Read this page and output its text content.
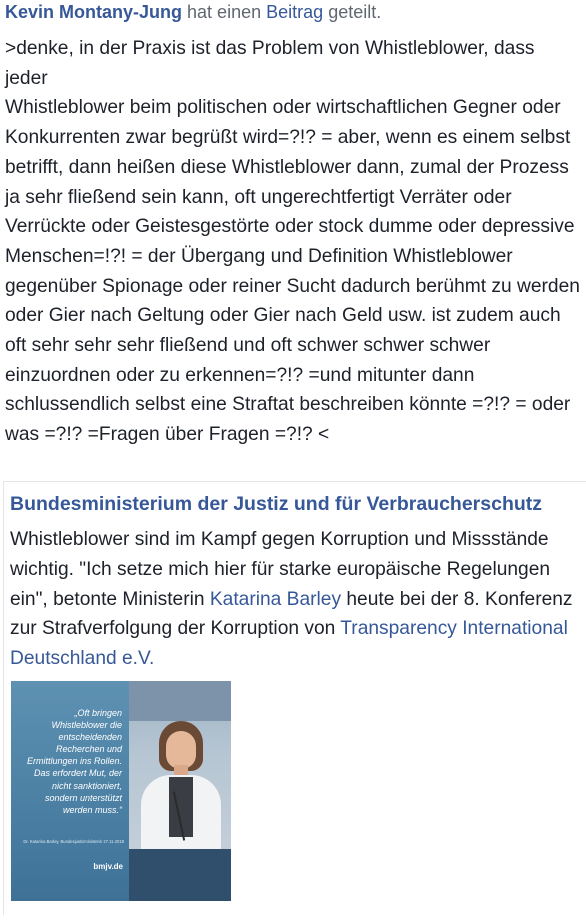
Kevin Montany-Jung hat einen Beitrag geteilt.
>denke, in der Praxis ist das Problem von Whistleblower, dass jeder
Whistleblower beim politischen oder wirtschaftlichen Gegner oder Konkurrenten zwar begrüßt wird=?!? = aber, wenn es einem selbst betrifft, dann heißen diese Whistleblower dann, zumal der Prozess ja sehr fließend sein kann, oft ungerechtfertigt Verräter oder Verrückte oder Geistesgestörte oder stock dumme oder depressive Menschen=!?! = der Übergang und Definition Whistleblower gegenüber Spionage oder reiner Sucht dadurch berühmt zu werden oder Gier nach Geltung oder Gier nach Geld usw. ist zudem auch oft sehr sehr sehr fließend und oft schwer schwer schwer einzuordnen oder zu erkennen=?!? =und mitunter dann schlussendlich selbst eine Straftat beschreiben könnte =?!? = oder was =?!? =Fragen über Fragen =?!? <
Bundesministerium der Justiz und für Verbraucherschutz
Whistleblower sind im Kampf gegen Korruption und Missstände wichtig. "Ich setze mich hier für starke europäische Regelungen ein", betonte Ministerin Katarina Barley heute bei der 8. Konferenz zur Strafverfolgung der Korruption von Transparency International Deutschland e.V.
„Oft bringen
Whistleblower die
entscheidenden
Recherchen und
Ermittlungen ins Rollen.
Das erfordert Mut, der
nicht sanktioniert,
sondern unterstützt
werden muss.“
Dr. Katarina Barley, Bundesjustizministerin 27.11.2018
bmjv.de
